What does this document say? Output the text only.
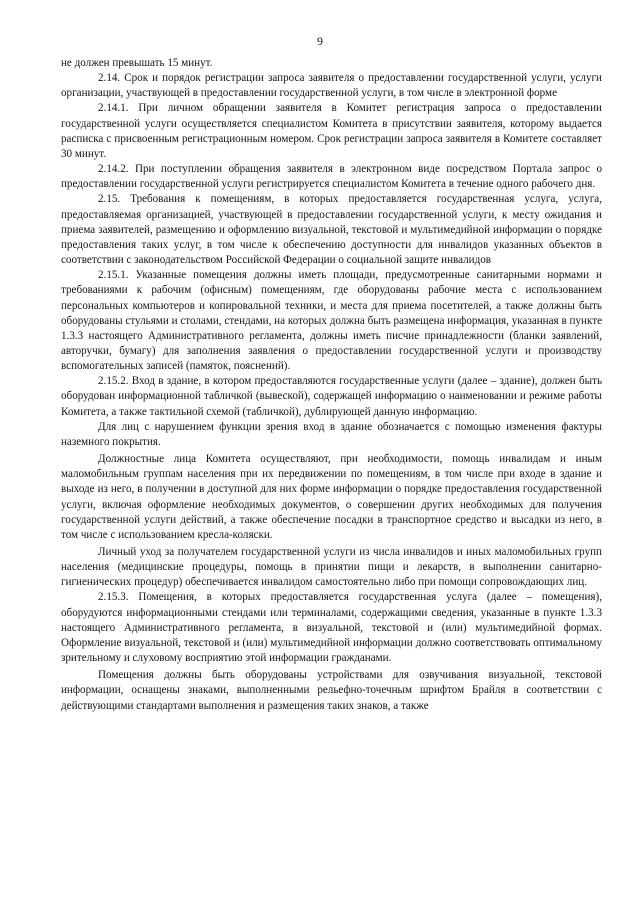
9

не должен превышать 15 минут.

2.14. Срок и порядок регистрации запроса заявителя о предоставлении государственной услуги, услуги организации, участвующей в предоставлении государственной услуги, в том числе в электронной форме

2.14.1. При личном обращении заявителя в Комитет регистрация запроса о предоставлении государственной услуги осуществляется специалистом Комитета в присутствии заявителя, которому выдается расписка с присвоенным регистрационным номером. Срок регистрации запроса заявителя в Комитете составляет 30 минут.

2.14.2. При поступлении обращения заявителя в электронном виде посредством Портала запрос о предоставлении государственной услуги регистрируется специалистом Комитета в течение одного рабочего дня.

2.15. Требования к помещениям, в которых предоставляется государственная услуга, услуга, предоставляемая организацией, участвующей в предоставлении государственной услуги, к месту ожидания и приема заявителей, размещению и оформлению визуальной, текстовой и мультимедийной информации о порядке предоставления таких услуг, в том числе к обеспечению доступности для инвалидов указанных объектов в соответствии с законодательством Российской Федерации о социальной защите инвалидов

2.15.1. Указанные помещения должны иметь площади, предусмотренные санитарными нормами и требованиями к рабочим (офисным) помещениям, где оборудованы рабочие места с использованием персональных компьютеров и копировальной техники, и места для приема посетителей, а также должны быть оборудованы стульями и столами, стендами, на которых должна быть размещена информация, указанная в пункте 1.3.3 настоящего Административного регламента, должны иметь писчие принадлежности (бланки заявлений, авторучки, бумагу) для заполнения заявления о предоставлении государственной услуги и производству вспомогательных записей (памяток, пояснений).

2.15.2. Вход в здание, в котором предоставляются государственные услуги (далее – здание), должен быть оборудован информационной табличкой (вывеской), содержащей информацию о наименовании и режиме работы Комитета, а также тактильной схемой (табличкой), дублирующей данную информацию.

Для лиц с нарушением функции зрения вход в здание обозначается с помощью изменения фактуры наземного покрытия.

Должностные лица Комитета осуществляют, при необходимости, помощь инвалидам и иным маломобильным группам населения при их передвижении по помещениям, в том числе при входе в здание и выходе из него, в получении в доступной для них форме информации о порядке предоставления государственной услуги, включая оформление необходимых документов, о совершении других необходимых для получения государственной услуги действий, а также обеспечение посадки в транспортное средство и высадки из него, в том числе с использованием кресла-коляски.

Личный уход за получателем государственной услуги из числа инвалидов и иных маломобильных групп населения (медицинские процедуры, помощь в принятии пищи и лекарств, в выполнении санитарно-гигиенических процедур) обеспечивается инвалидом самостоятельно либо при помощи сопровождающих лиц.

2.15.3. Помещения, в которых предоставляется государственная услуга (далее – помещения), оборудуются информационными стендами или терминалами, содержащими сведения, указанные в пункте 1.3.3 настоящего Административного регламента, в визуальной, текстовой и (или) мультимедийной формах. Оформление визуальной, текстовой и (или) мультимедийной информации должно соответствовать оптимальному зрительному и слуховому восприятию этой информации гражданами.

Помещения должны быть оборудованы устройствами для озвучивания визуальной, текстовой информации, оснащены знаками, выполненными рельефно-точечным шрифтом Брайля в соответствии с действующими стандартами выполнения и размещения таких знаков, а также
